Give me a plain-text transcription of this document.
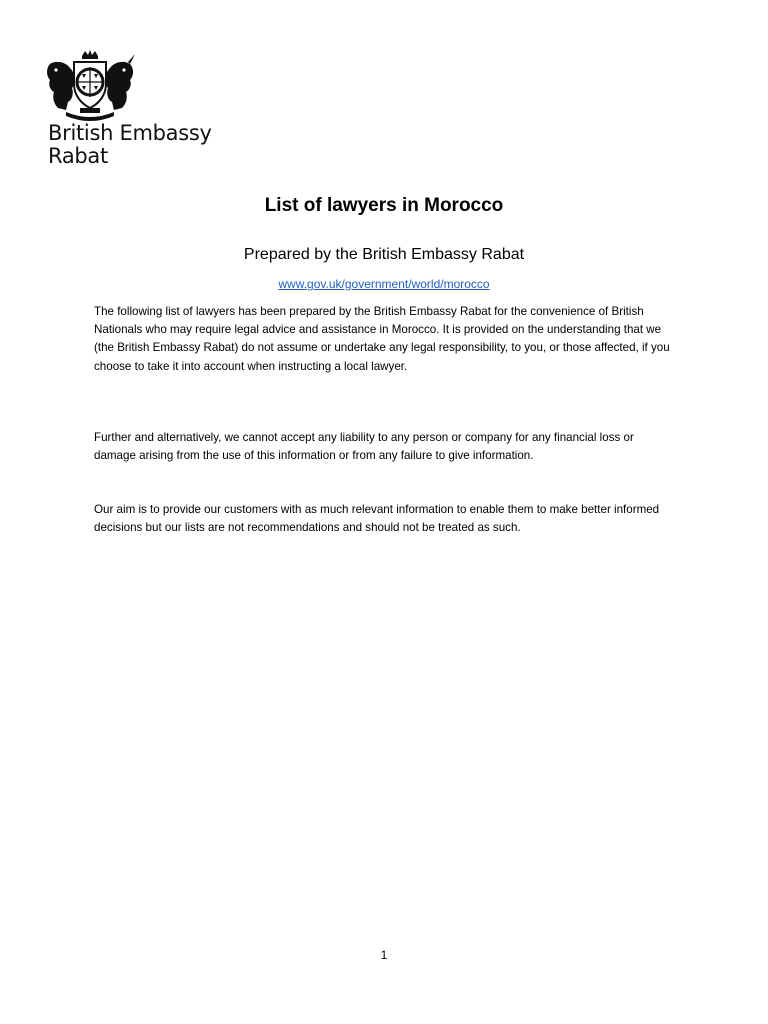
British Embassy
Rabat
List of lawyers in Morocco
Prepared by the British Embassy Rabat
www.gov.uk/government/world/morocco
The following list of lawyers has been prepared by the British Embassy Rabat for the convenience of British Nationals who may require legal advice and assistance in Morocco. It is provided on the understanding that we (the British Embassy Rabat) do not assume or undertake any legal responsibility, to you, or those affected, if you choose to take it into account when instructing a local lawyer.
Further and alternatively, we cannot accept any liability to any person or company for any financial loss or damage arising from the use of this information or from any failure to give information.
Our aim is to provide our customers with as much relevant information to enable them to make better informed decisions but our lists are not recommendations and should not be treated as such.
1
